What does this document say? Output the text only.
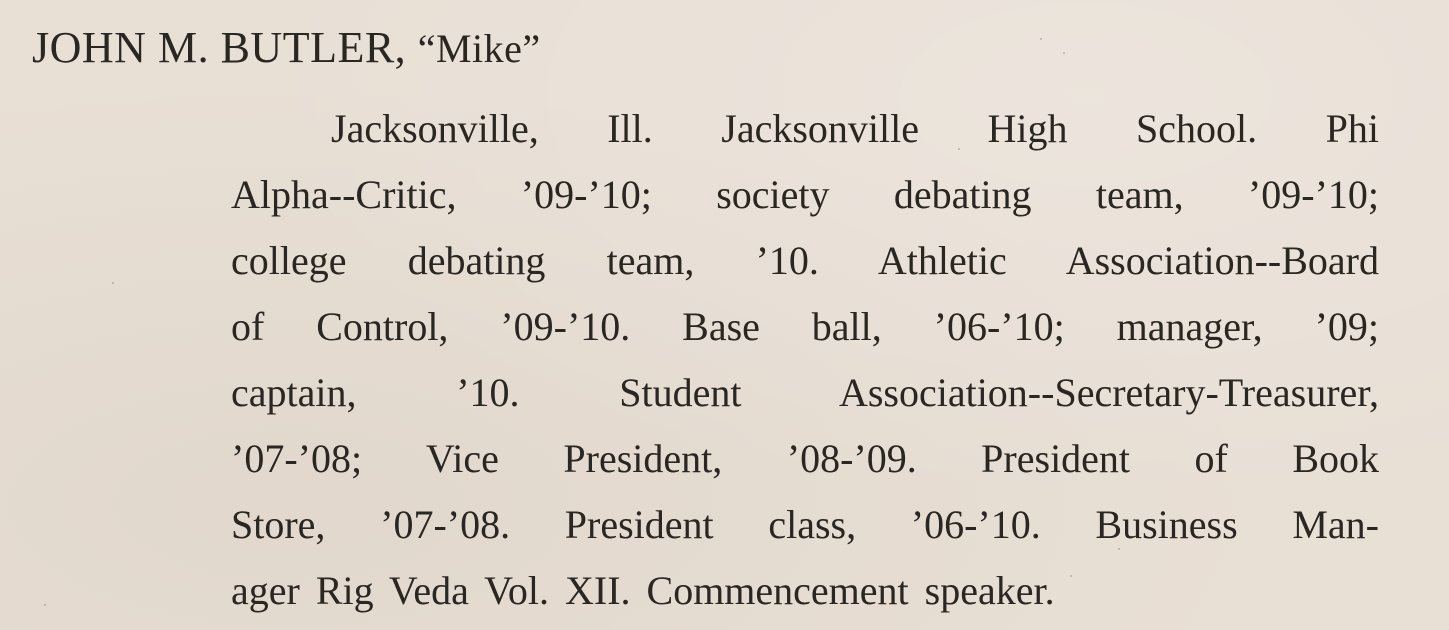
JOHN M. BUTLER, “Mike”
Jacksonville, Ill. Jacksonville High School. Phi
Alpha--Critic, ’09-’10; society debating team, ’09-’10;
college debating team, ’10. Athletic Association--Board
of Control, ’09-’10. Base ball, ’06-’10; manager, ’09;
captain, ’10. Student Association--Secretary-Treasurer,
’07-’08; Vice President, ’08-’09. President of Book
Store, ’07-’08. President class, ’06-’10. Business Man-
ager Rig Veda Vol. XII. Commencement speaker.
